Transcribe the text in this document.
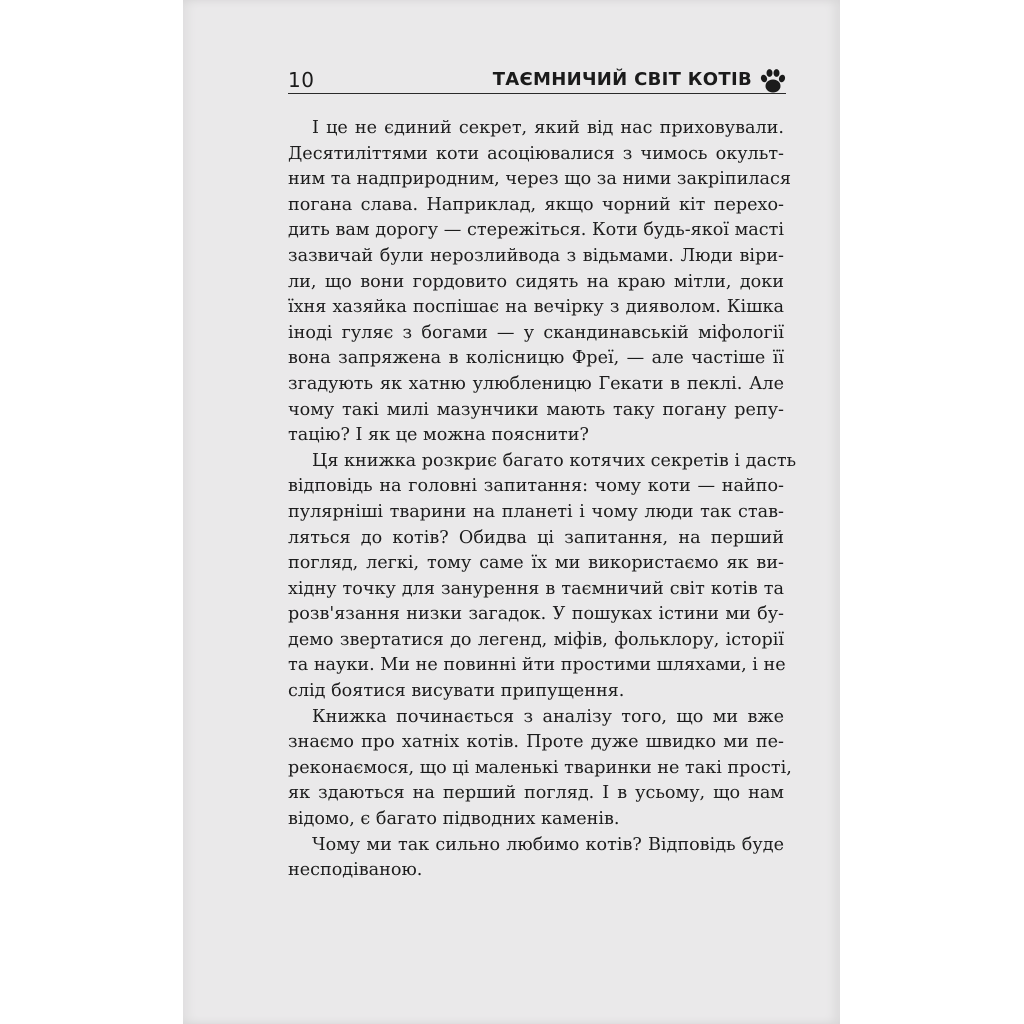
10	ТАЄМНИЧИЙ СВІТ КОТІВ
І це не єдиний секрет, який від нас приховували.
Десятиліттями коти асоціювалися з чимось окульт-
ним та надприродним, через що за ними закріпилася
погана слава. Наприклад, якщо чорний кіт перехо-
дить вам дорогу — стережіться. Коти будь-якої масті
зазвичай були нерозлийвода з відьмами. Люди віри-
ли, що вони гордовито сидять на краю мітли, доки
їхня хазяйка поспішає на вечірку з дияволом. Кішка
іноді гуляє з богами — у скандинавській міфології
вона запряжена в колісницю Фреї, — але частіше її
згадують як хатню улюбленицю Гекати в пеклі. Але
чому такі милі мазунчики мають таку погану репу-
тацію? І як це можна пояснити?
Ця книжка розкриє багато котячих секретів і дасть
відповідь на головні запитання: чому коти — найпо-
пулярніші тварини на планеті і чому люди так став-
ляться до котів? Обидва ці запитання, на перший
погляд, легкі, тому саме їх ми використаємо як ви-
хідну точку для занурення в таємничий світ котів та
розв'язання низки загадок. У пошуках істини ми бу-
демо звертатися до легенд, міфів, фольклору, історії
та науки. Ми не повинні йти простими шляхами, і не
слід боятися висувати припущення.
Книжка починається з аналізу того, що ми вже
знаємо про хатніх котів. Проте дуже швидко ми пе-
реконаємося, що ці маленькі тваринки не такі прості,
як здаються на перший погляд. І в усьому, що нам
відомо, є багато підводних каменів.
Чому ми так сильно любимо котів? Відповідь буде
несподіваною.
